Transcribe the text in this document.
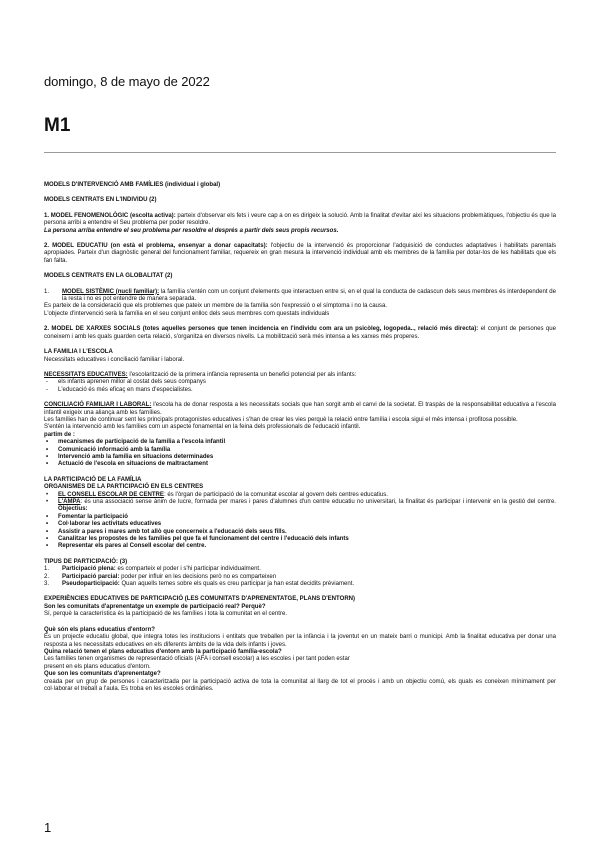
domingo, 8 de mayo de 2022
M1

MODELS D'INTERVENCIÓ AMB FAMÍLIES (individual i global)

MODELS CENTRATS EN L'INDIVIDU (2)

1. MODEL FENOMENOLÒGIC (escolta activa): parteix d'observar els fets i veure cap a on es dirigeix la solució. Amb la finalitat d'evitar així les situacions problemàtiques, l'objectiu és que la persona arribi a entendre el Seu problema per poder resoldre.

La persona arriba entendre el seu problema per resoldre el després a partir dels seus propis recursos.

2. MODEL EDUCATIU (on està el problema, ensenyar a donar capacitats): l'objectiu de la intervenció és proporcionar l'adquisició de conductes adaptatives i habilitats parentals apropiades. Parteix d'un diagnòstic general del funcionament familiar, requereix en gran mesura la intervenció individual amb els membres de la família per dotar-los de les habilitats que els fan falta.

MODELS CENTRATS EN LA GLOBALITAT (2)

1. MODEL SISTÈMIC (nucli familiar): la família s'entén com un conjunt d'elements que interactuen entre si, en el qual la conducta de cadascun dels seus membres és interdependent de la resta i no es pot entendre de manera separada.

Es parteix de la consideració que els problemes que pateix un membre de la família són l'expressió o el símptoma i no la causa.

L'objecte d'intervenció serà la família en el seu conjunt enlloc dels seus membres com questats individuals

2. MODEL DE XARXES SOCIALS (totes aquelles persones que tenen incidencia en l'individu com ara un psicòleg, logopeda.., relació més directa): el conjunt de persones que coneixem i amb les quals guarden certa relació, s'organitza en diversos nivells. La mobilització serà més intensa a les xarxes més properes.

LA FAMILIA I L'ESCOLA

Necessitats educatives i conciliació familiar i laboral.

NECESSITATS EDUCATIVES: l'escolarització de la primera infància representa un benefici potencial per als infants:

- els infants aprenen millor al costat dels seus companys
- L'educació és més eficaç en mans d'especialistes.

CONCILIACIÓ FAMILIAR I LABORAL: l'escola ha de donar resposta a les necessitats socials que han sorgit amb el canvi de la societat. El traspàs de la responsabilitat educativa a l'escola infantil exigeix una aliança amb les famílies.

Les famílies han de continuar sent les principals protagonistes educatives i s'han de crear les vies perquè la relació entre família i escola sigui el més intensa i profitosa possible.

S'entén la intervenció amb les famílies com un aspecte fonamental en la feina dels professionals de l'educació infantil.

partim de :

• mecanismes de participació de la família a l'escola infantil
• Comunicació informació amb la família
• Intervenció amb la família en situacions determinades
• Actuació de l'escola en situacions de maltractament

LA PARTICIPACIÓ DE LA FAMÍLIA

ORGANISMES DE LA PARTICIPACIÓ EN ELS CENTRES

• EL CONSELL ESCOLAR DE CENTRE: és l'òrgan de participació de la comunitat escolar al govern dels centres educatius.
• L'AMPA: és una associació sense ànim de lucre, formada per mares i pares d'alumnes d'un centre educatiu no universitari, la finalitat és participar i intervenir en la gestió del centre. Objectius:
• Fomentar la participació
• Col·laborar les activitats educatives
• Assistir a pares i mares amb tot allò que concerneix a l'educació dels seus fills.
• Canalitzar les propostes de les famílies pel que fa el funcionament del centre i l'educació dels infants
• Representar els pares al Consell escolar del centre.

TIPUS DE PARTICIPACIÓ: (3)

1. Participació plena: es comparteix el poder i s'hi participar individualment.
2. Participació parcial: poder per influir en les decisions però no es comparteixen
3. Pseudoparticipació: Quan aquells temes sobre els quals es creu participar ja han estat decidits prèviament.

EXPERIÈNCIES EDUCATIVES DE PARTICIPACIÓ (LES COMUNITATS D'APRENENTATGE, PLANS D'ENTORN)

Son les comunitats d'aprenentatge un exemple de participació real? Perquè?

Sí, perquè la característica és la participació de les famílies i tota la comunitat en el centre.

Què són els plans educatius d'entorn?

És un projecte educatiu global, que integra totes les institucions i entitats que treballen per la infància i la joventut en un mateix barri o municipi. Amb la finalitat educativa per donar una resposta a les necessitats educatives en els diferents àmbits de la vida dels infants i joves.

Quina relació tenen el plans educatius d'entorn amb la participació família-escola?

Les famílies tenen organismes de representació oficials (AFA i consell escolar) a les escoles i per tant poden estar

present en els plans educatius d'entorn.

Que son les comunitats d'aprenentatge?

creada per un grup de persones i caracteritzada per la participació activa de tota la comunitat al llarg de tot el procés i amb un objectiu comú, els quals es coneixen mínimament per col·laborar el treball a l'aula. Es troba en les escoles ordinàries.

1
